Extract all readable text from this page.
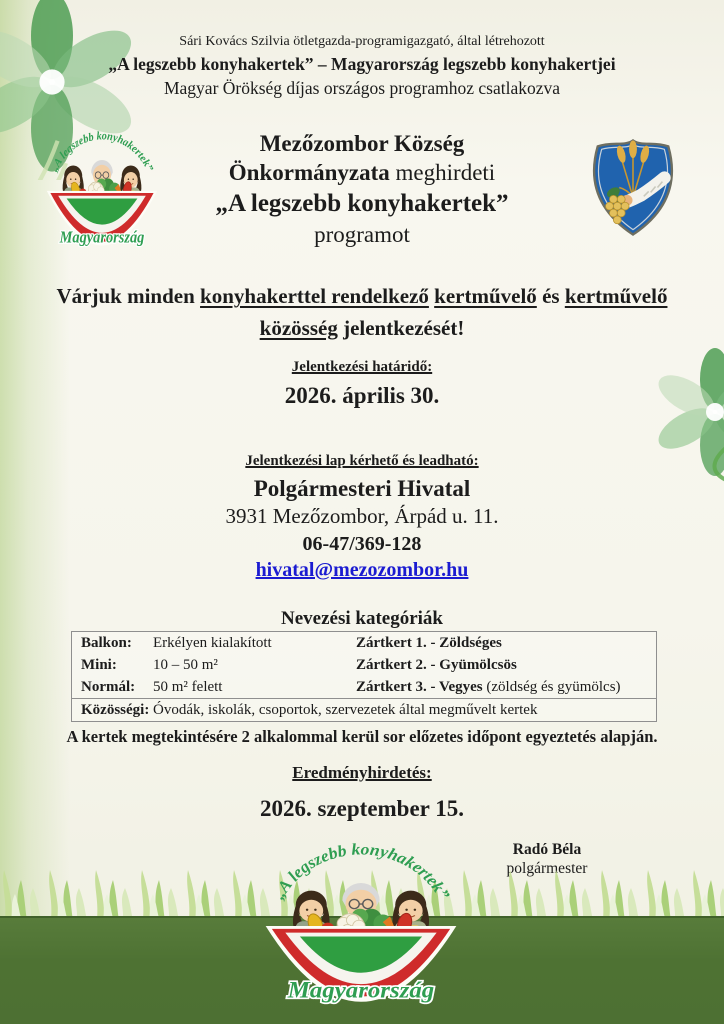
Sári Kovács Szilvia ötletgazda-programigazgató, által létrehozott
„A legszebb konyhakertek” – Magyarország legszebb konyhakertjei
Magyar Örökség díjas országos programhoz csatlakozva
Mezőzombor Község
Önkormányzata meghirdeti
„A legszebb konyhakertek”
programot
Várjuk minden konyhakerttel rendelkező kertművelő és kertművelő közösség jelentkezését!
Jelentkezési határidő:
2026. április 30.
Jelentkezési lap kérhető és leadható:
Polgármesteri Hivatal
3931 Mezőzombor, Árpád u. 11.
06-47/369-128
hivatal@mezozombor.hu
Nevezési kategóriák
Balkon:	Erkélyen kialakított	Zártkert 1. - Zöldséges
Mini:	10 – 50 m²	Zártkert 2. - Gyümölcsös
Normál:	50 m² felett	Zártkert 3. - Vegyes (zöldség és gyümölcs)
Közösségi: Óvodák, iskolák, csoportok, szervezetek által megművelt kertek
A kertek megtekintésére 2 alkalommal kerül sor előzetes időpont egyeztetés alapján.
Eredményhirdetés:
2026. szeptember 15.
Radó Béla
